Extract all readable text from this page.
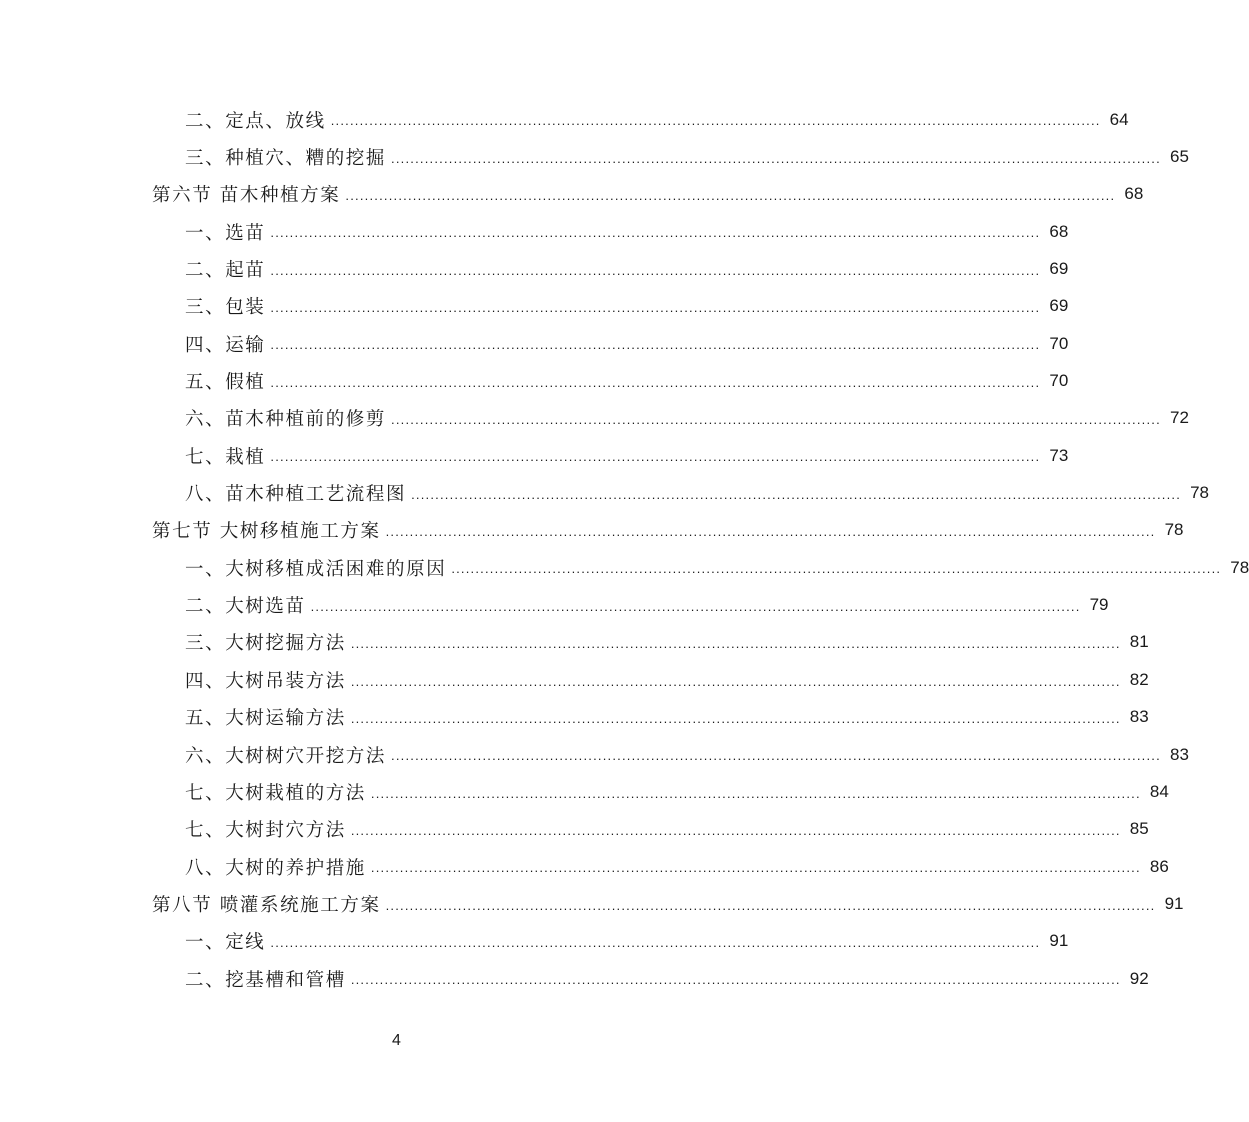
二、定点、放线 ................................................................................................................................................................ 64
三、种植穴、糟的挖掘 ................................................................................................................................................................ 65
第六节 苗木种植方案 ................................................................................................................................................................ 68
一、选苗 ................................................................................................................................................................ 68
二、起苗 ................................................................................................................................................................ 69
三、包装 ................................................................................................................................................................ 69
四、运输 ................................................................................................................................................................ 70
五、假植 ................................................................................................................................................................ 70
六、苗木种植前的修剪 ................................................................................................................................................................ 72
七、栽植 ................................................................................................................................................................ 73
八、苗木种植工艺流程图 ................................................................................................................................................................ 78
第七节 大树移植施工方案 ................................................................................................................................................................ 78
一、大树移植成活困难的原因 ................................................................................................................................................................ 78
二、大树选苗 ................................................................................................................................................................ 79
三、大树挖掘方法 ................................................................................................................................................................ 81
四、大树吊装方法 ................................................................................................................................................................ 82
五、大树运输方法 ................................................................................................................................................................ 83
六、大树树穴开挖方法 ................................................................................................................................................................ 83
七、大树栽植的方法 ................................................................................................................................................................ 84
七、大树封穴方法 ................................................................................................................................................................ 85
八、大树的养护措施 ................................................................................................................................................................ 86
第八节 喷灌系统施工方案 ................................................................................................................................................................ 91
一、定线 ................................................................................................................................................................ 91
二、挖基槽和管槽 ................................................................................................................................................................ 92
4
